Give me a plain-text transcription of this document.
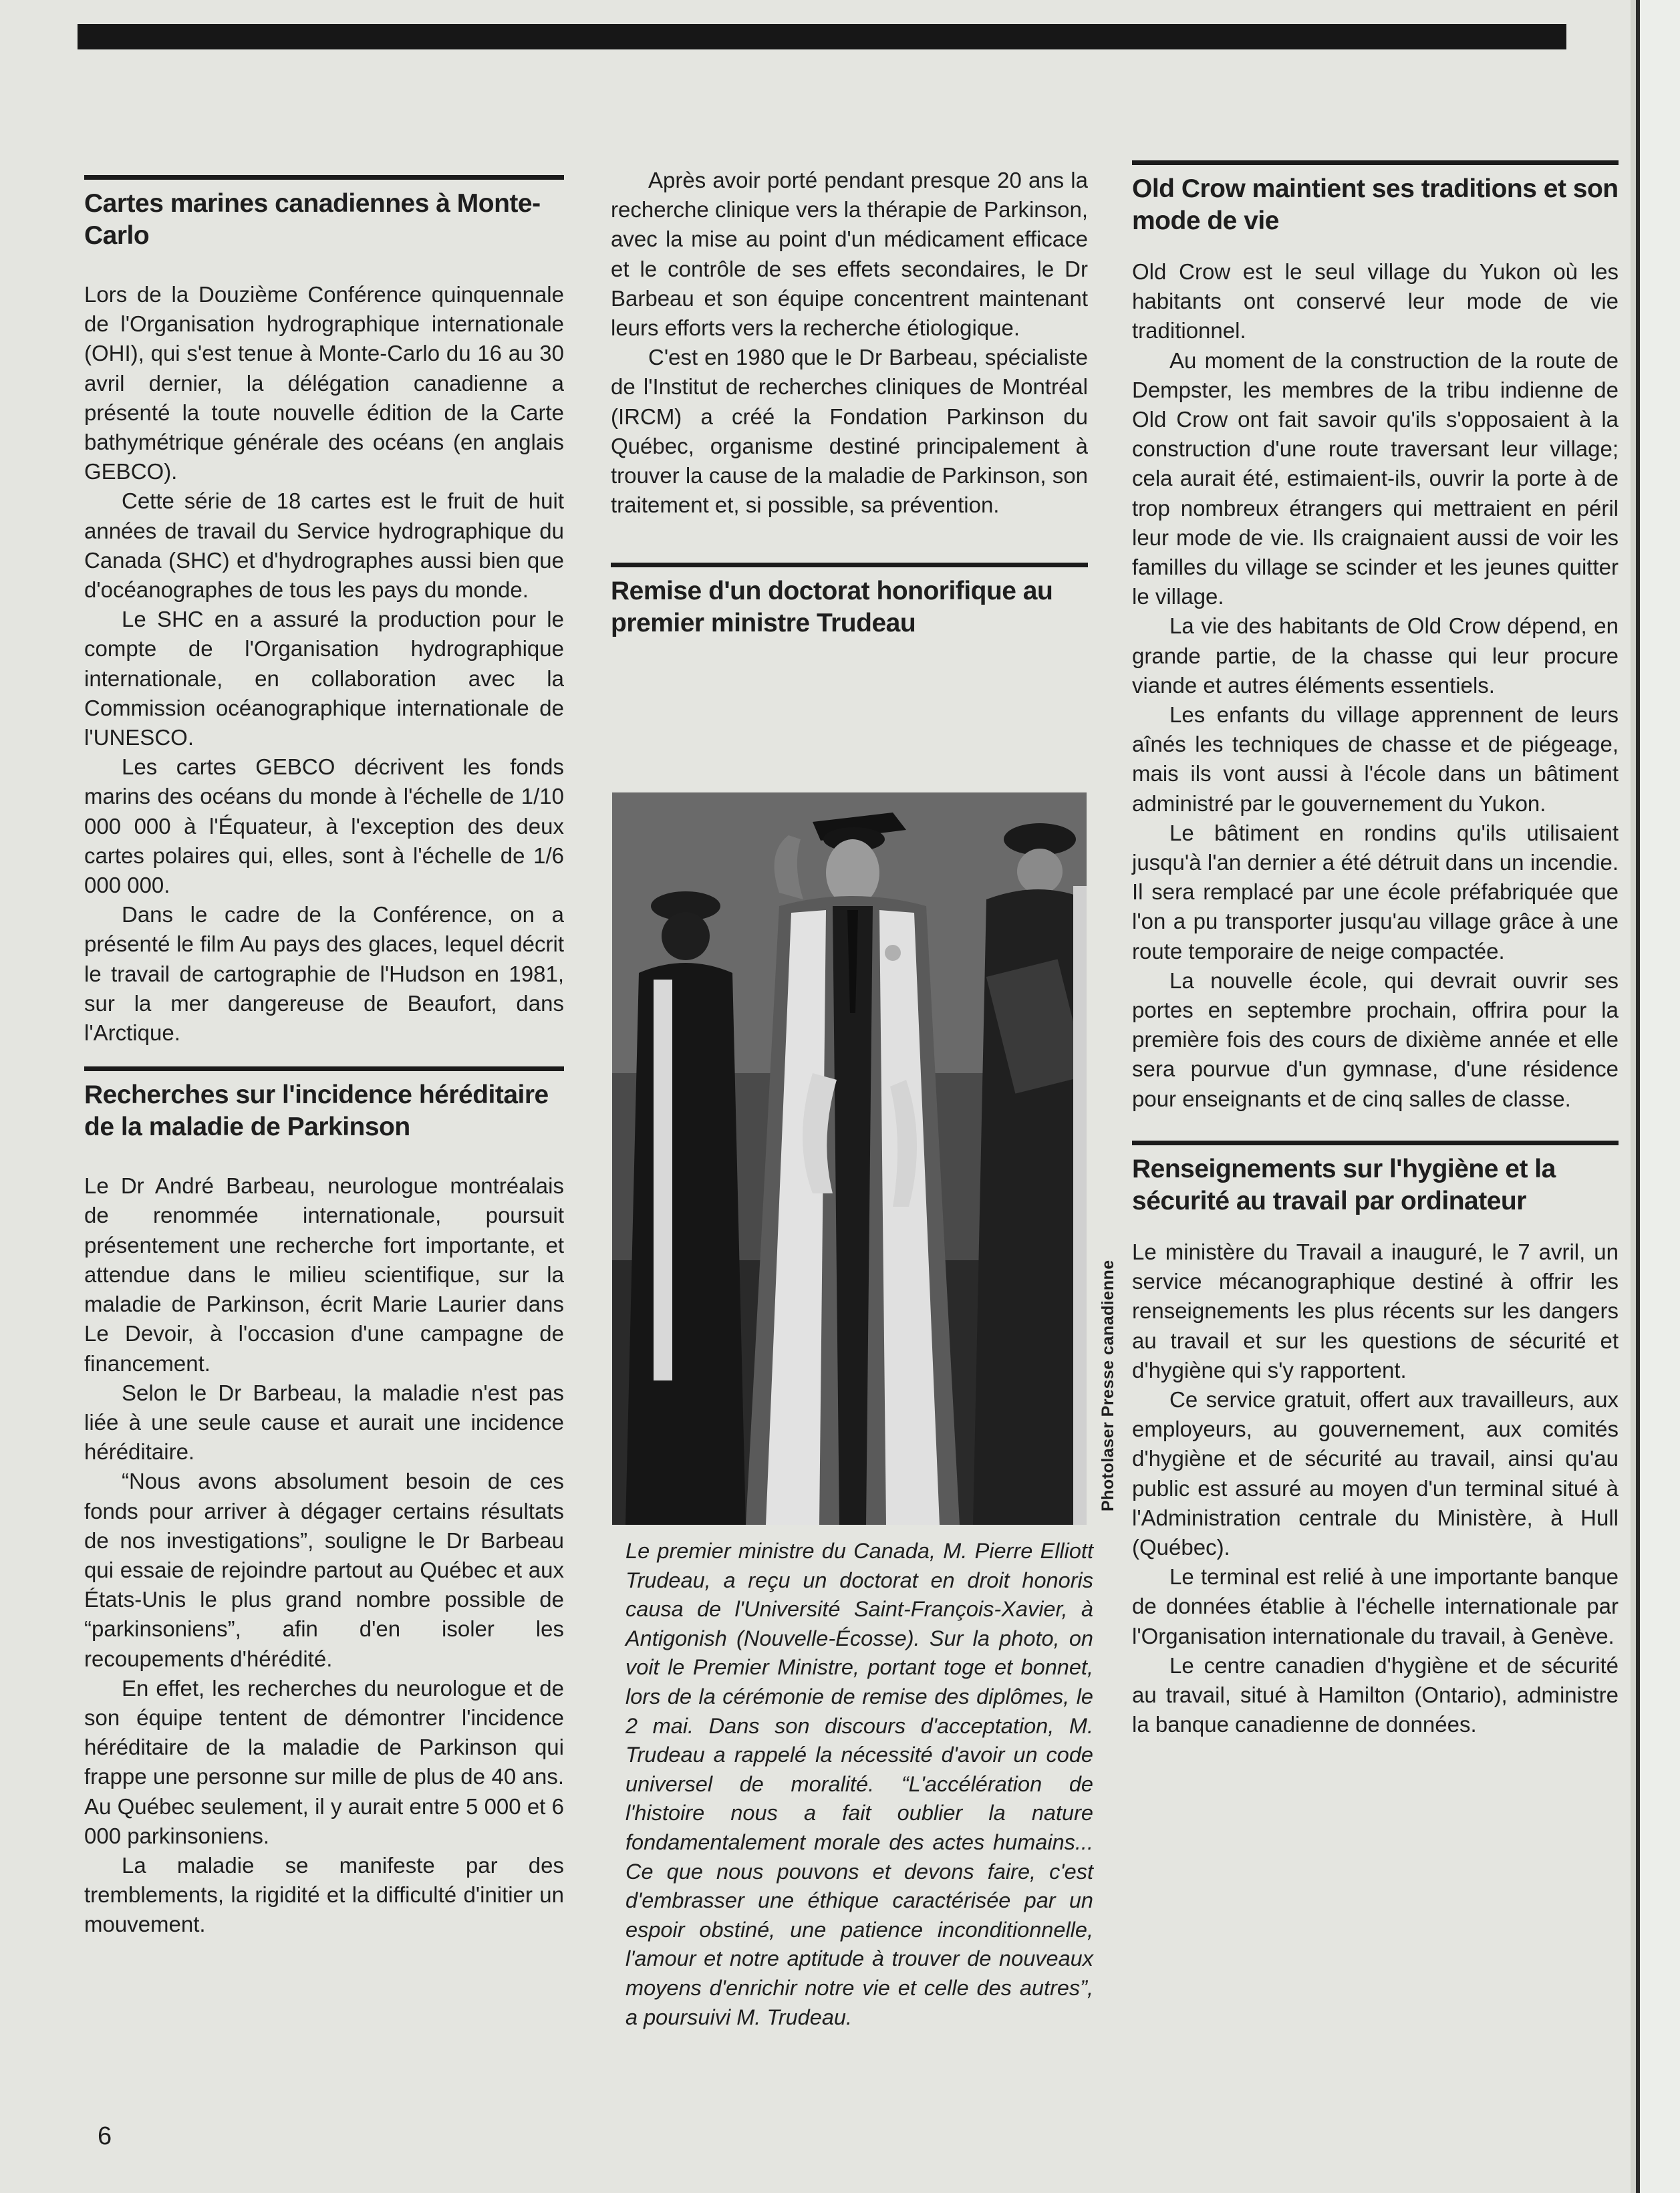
Cartes marines canadiennes à Monte-Carlo

Lors de la Douzième Conférence quinquennale de l'Organisation hydrographique internationale (OHI), qui s'est tenue à Monte-Carlo du 16 au 30 avril dernier, la délégation canadienne a présenté la toute nouvelle édition de la Carte bathymétrique générale des océans (en anglais GEBCO).

Cette série de 18 cartes est le fruit de huit années de travail du Service hydrographique du Canada (SHC) et d'hydrographes aussi bien que d'océanographes de tous les pays du monde.

Le SHC en a assuré la production pour le compte de l'Organisation hydrographique internationale, en collaboration avec la Commission océanographique internationale de l'UNESCO.

Les cartes GEBCO décrivent les fonds marins des océans du monde à l'échelle de 1/10 000 000 à l'Équateur, à l'exception des deux cartes polaires qui, elles, sont à l'échelle de 1/6 000 000.

Dans le cadre de la Conférence, on a présenté le film Au pays des glaces, lequel décrit le travail de cartographie de l'Hudson en 1981, sur la mer dangereuse de Beaufort, dans l'Arctique.

Recherches sur l'incidence héréditaire de la maladie de Parkinson

Le Dr André Barbeau, neurologue montréalais de renommée internationale, poursuit présentement une recherche fort importante, et attendue dans le milieu scientifique, sur la maladie de Parkinson, écrit Marie Laurier dans Le Devoir, à l'occasion d'une campagne de financement.

Selon le Dr Barbeau, la maladie n'est pas liée à une seule cause et aurait une incidence héréditaire.

“Nous avons absolument besoin de ces fonds pour arriver à dégager certains résultats de nos investigations”, souligne le Dr Barbeau qui essaie de rejoindre partout au Québec et aux États-Unis le plus grand nombre possible de “parkinsoniens”, afin d'en isoler les recoupements d'hérédité.

En effet, les recherches du neurologue et de son équipe tentent de démontrer l'incidence héréditaire de la maladie de Parkinson qui frappe une personne sur mille de plus de 40 ans. Au Québec seulement, il y aurait entre 5 000 et 6 000 parkinsoniens.

La maladie se manifeste par des tremblements, la rigidité et la difficulté d'initier un mouvement.

Après avoir porté pendant presque 20 ans la recherche clinique vers la thérapie de Parkinson, avec la mise au point d'un médicament efficace et le contrôle de ses effets secondaires, le Dr Barbeau et son équipe concentrent maintenant leurs efforts vers la recherche étiologique.

C'est en 1980 que le Dr Barbeau, spécialiste de l'Institut de recherches cliniques de Montréal (IRCM) a créé la Fondation Parkinson du Québec, organisme destiné principalement à trouver la cause de la maladie de Parkinson, son traitement et, si possible, sa prévention.

Remise d'un doctorat honorifique au premier ministre Trudeau
Le premier ministre du Canada, M. Pierre Elliott Trudeau, a reçu un doctorat en droit honoris causa de l'Université Saint-François-Xavier, à Antigonish (Nouvelle-Écosse). Sur la photo, on voit le Premier Ministre, portant toge et bonnet, lors de la cérémonie de remise des diplômes, le 2 mai. Dans son discours d'acceptation, M. Trudeau a rappelé la nécessité d'avoir un code universel de moralité. “L'accélération de l'histoire nous a fait oublier la nature fondamentalement morale des actes humains... Ce que nous pouvons et devons faire, c'est d'embrasser une éthique caractérisée par un espoir obstiné, une patience inconditionnelle, l'amour et notre aptitude à trouver de nouveaux moyens d'enrichir notre vie et celle des autres”, a poursuivi M. Trudeau.
Photolaser Presse canadienne
Old Crow maintient ses traditions et son mode de vie

Old Crow est le seul village du Yukon où les habitants ont conservé leur mode de vie traditionnel.

Au moment de la construction de la route de Dempster, les membres de la tribu indienne de Old Crow ont fait savoir qu'ils s'opposaient à la construction d'une route traversant leur village; cela aurait été, estimaient-ils, ouvrir la porte à de trop nombreux étrangers qui mettraient en péril leur mode de vie. Ils craignaient aussi de voir les familles du village se scinder et les jeunes quitter le village.

La vie des habitants de Old Crow dépend, en grande partie, de la chasse qui leur procure viande et autres éléments essentiels.

Les enfants du village apprennent de leurs aînés les techniques de chasse et de piégeage, mais ils vont aussi à l'école dans un bâtiment administré par le gouvernement du Yukon.

Le bâtiment en rondins qu'ils utilisaient jusqu'à l'an dernier a été détruit dans un incendie. Il sera remplacé par une école préfabriquée que l'on a pu transporter jusqu'au village grâce à une route temporaire de neige compactée.

La nouvelle école, qui devrait ouvrir ses portes en septembre prochain, offrira pour la première fois des cours de dixième année et elle sera pourvue d'un gymnase, d'une résidence pour enseignants et de cinq salles de classe.

Renseignements sur l'hygiène et la sécurité au travail par ordinateur

Le ministère du Travail a inauguré, le 7 avril, un service mécanographique destiné à offrir les renseignements les plus récents sur les dangers au travail et sur les questions de sécurité et d'hygiène qui s'y rapportent.

Ce service gratuit, offert aux travailleurs, aux employeurs, au gouvernement, aux comités d'hygiène et de sécurité au travail, ainsi qu'au public est assuré au moyen d'un terminal situé à l'Administration centrale du Ministère, à Hull (Québec).

Le terminal est relié à une importante banque de données établie à l'échelle internationale par l'Organisation internationale du travail, à Genève.

Le centre canadien d'hygiène et de sécurité au travail, situé à Hamilton (Ontario), administre la banque canadienne de données.

6
